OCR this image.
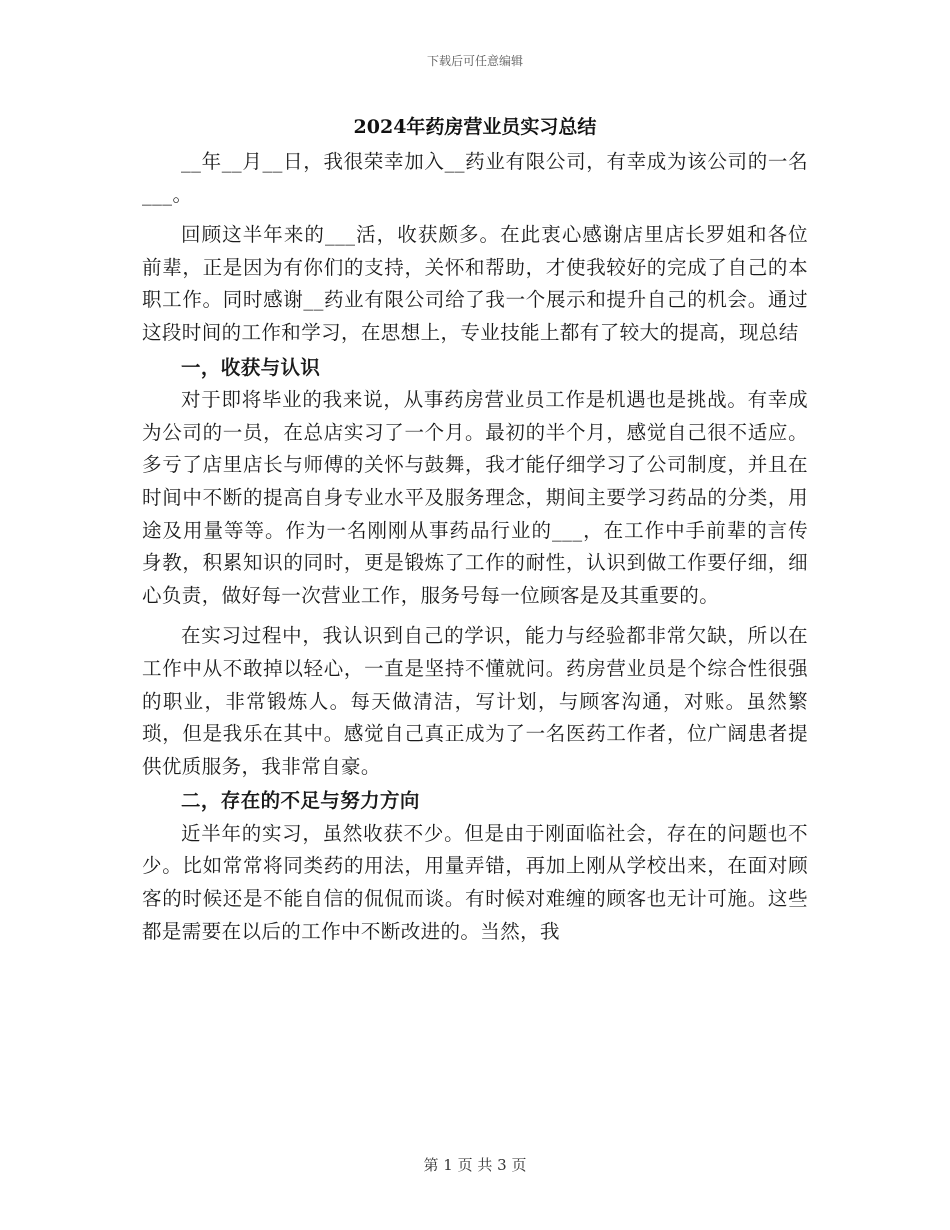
下载后可任意编辑
2024年药房营业员实习总结

__年__月__日，我很荣幸加入__药业有限公司，有幸成为该公司的一名___。

回顾这半年来的___活，收获颇多。在此衷心感谢店里店长罗姐和各位前辈，正是因为有你们的支持，关怀和帮助，才使我较好的完成了自己的本职工作。同时感谢__药业有限公司给了我一个展示和提升自己的机会。通过这段时间的工作和学习，在思想上，专业技能上都有了较大的提高，现总结

一，收获与认识

对于即将毕业的我来说，从事药房营业员工作是机遇也是挑战。有幸成为公司的一员，在总店实习了一个月。最初的半个月，感觉自己很不适应。多亏了店里店长与师傅的关怀与鼓舞，我才能仔细学习了公司制度，并且在时间中不断的提高自身专业水平及服务理念，期间主要学习药品的分类，用途及用量等等。作为一名刚刚从事药品行业的___，在工作中手前辈的言传身教，积累知识的同时，更是锻炼了工作的耐性，认识到做工作要仔细，细心负责，做好每一次营业工作，服务号每一位顾客是及其重要的。

在实习过程中，我认识到自己的学识，能力与经验都非常欠缺，所以在工作中从不敢掉以轻心，一直是坚持不懂就问。药房营业员是个综合性很强的职业，非常锻炼人。每天做清洁，写计划，与顾客沟通，对账。虽然繁琐，但是我乐在其中。感觉自己真正成为了一名医药工作者，位广阔患者提供优质服务，我非常自豪。

二，存在的不足与努力方向

近半年的实习，虽然收获不少。但是由于刚面临社会，存在的问题也不少。比如常常将同类药的用法，用量弄错，再加上刚从学校出来，在面对顾客的时候还是不能自信的侃侃而谈。有时候对难缠的顾客也无计可施。这些都是需要在以后的工作中不断改进的。当然，我

第 1 页 共 3 页
